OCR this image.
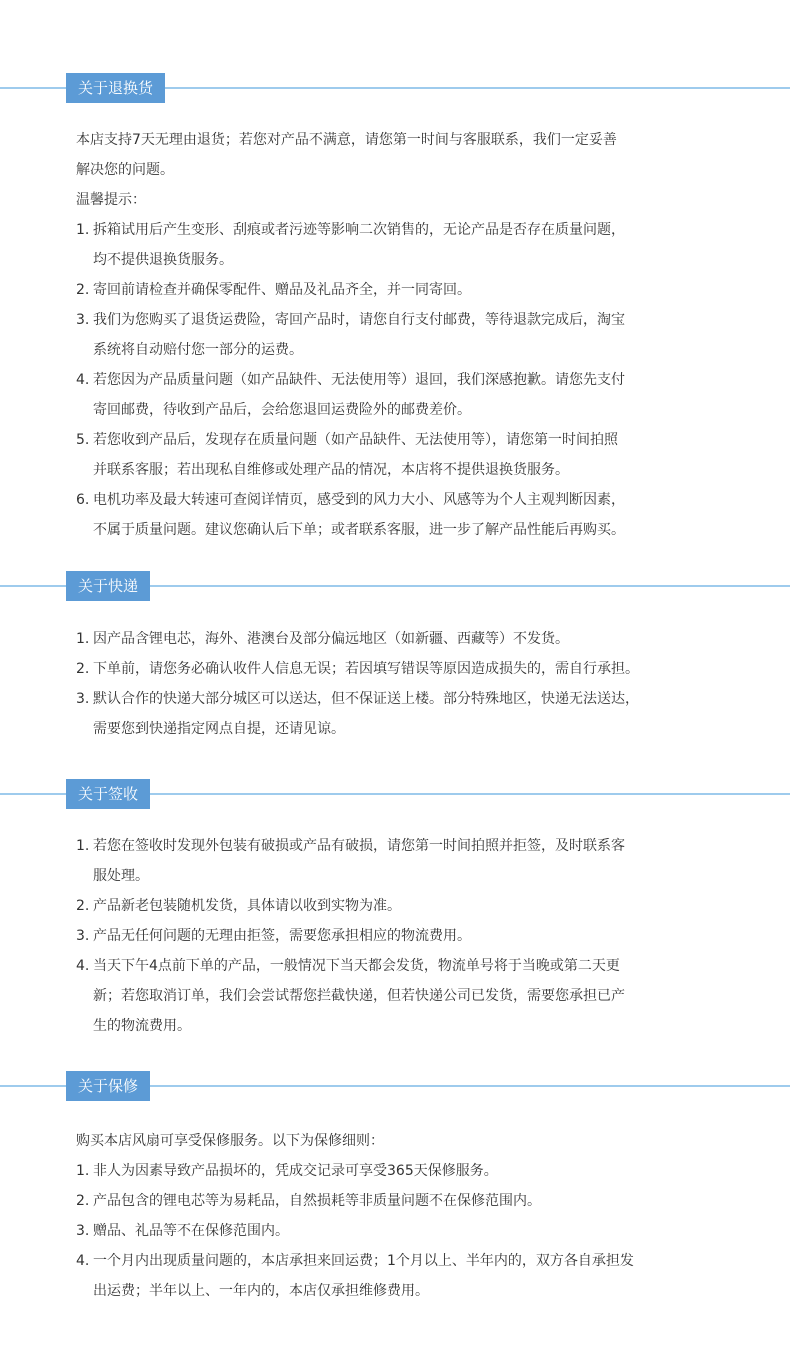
关于退换货

本店支持7天无理由退货；若您对产品不满意，请您第一时间与客服联系，我们一定妥善

解决您的问题。

温馨提示：

1. 拆箱试用后产生变形、刮痕或者污迹等影响二次销售的，无论产品是否存在质量问题，
均不提供退换货服务。
2. 寄回前请检查并确保零配件、赠品及礼品齐全，并一同寄回。
3. 我们为您购买了退货运费险，寄回产品时，请您自行支付邮费，等待退款完成后，淘宝
系统将自动赔付您一部分的运费。
4. 若您因为产品质量问题（如产品缺件、无法使用等）退回，我们深感抱歉。请您先支付
寄回邮费，待收到产品后，会给您退回运费险外的邮费差价。
5. 若您收到产品后，发现存在质量问题（如产品缺件、无法使用等），请您第一时间拍照
并联系客服；若出现私自维修或处理产品的情况，本店将不提供退换货服务。
6. 电机功率及最大转速可查阅详情页，感受到的风力大小、风感等为个人主观判断因素，
不属于质量问题。建议您确认后下单；或者联系客服，进一步了解产品性能后再购买。
关于快递
1. 因产品含锂电芯，海外、港澳台及部分偏远地区（如新疆、西藏等）不发货。
2. 下单前，请您务必确认收件人信息无误；若因填写错误等原因造成损失的，需自行承担。
3. 默认合作的快递大部分城区可以送达，但不保证送上楼。部分特殊地区，快递无法送达，
需要您到快递指定网点自提，还请见谅。
关于签收
1. 若您在签收时发现外包装有破损或产品有破损，请您第一时间拍照并拒签，及时联系客
服处理。
2. 产品新老包装随机发货，具体请以收到实物为准。
3. 产品无任何问题的无理由拒签，需要您承担相应的物流费用。
4. 当天下午4点前下单的产品，一般情况下当天都会发货，物流单号将于当晚或第二天更
新；若您取消订单，我们会尝试帮您拦截快递，但若快递公司已发货，需要您承担已产
生的物流费用。
关于保修

购买本店风扇可享受保修服务。以下为保修细则：

1. 非人为因素导致产品损坏的，凭成交记录可享受365天保修服务。
2. 产品包含的锂电芯等为易耗品，自然损耗等非质量问题不在保修范围内。
3. 赠品、礼品等不在保修范围内。
4. 一个月内出现质量问题的，本店承担来回运费；1个月以上、半年内的，双方各自承担发
出运费；半年以上、一年内的，本店仅承担维修费用。
